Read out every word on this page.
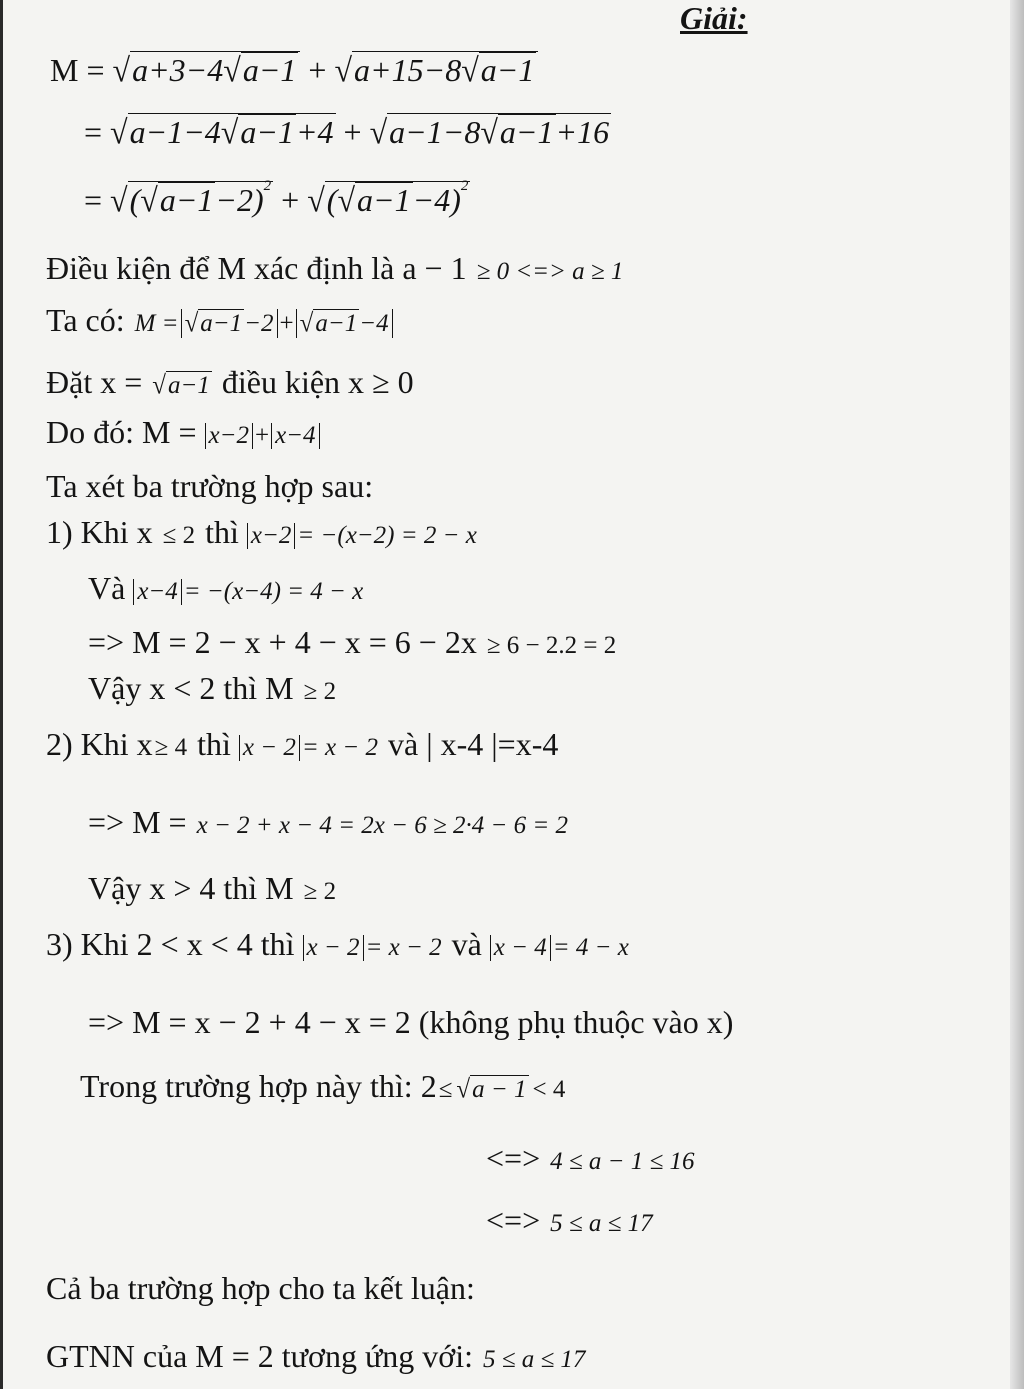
Giải:
M = √a+3−4√a−1 + √a+15−8√a−1
= √a−1−4√a−1+4 + √a−1−8√a−1+16
= $√(√a-1-2)^2 + √(√a-1-4)^2$
Điều kiện để M xác định là a − 1 ≥ 0 <=> a ≥ 1
Ta có: M = √a−1−2 + √a−1−4
Đặt x = √a−1 điều kiện x ≥ 0
Do đó: M = x−2 + x−4
Ta xét ba trường hợp sau:
1) Khi x ≤ 2 thì x−2 = −(x−2) = 2 − x
Và x−4 = −(x−4) = 4 − x
=> M = 2 − x + 4 − x = 6 − 2x ≥ 6 − 2.2 = 2
Vậy x < 2 thì M ≥ 2
2) Khi x≥ 4 thì x − 2 = x − 2 và | x-4 |=x-4
=> M = x − 2 + x − 4 = 2x − 6 ≥ 2·4 − 6 = 2
Vậy x > 4 thì M ≥ 2
3) Khi 2 < x < 4 thì x − 2 = x − 2 và x − 4 = 4 − x
=> M = x − 2 + 4 − x = 2 (không phụ thuộc vào x)
Trong trường hợp này thì: 2≤ √a − 1 < 4
<=> 4 ≤ a − 1 ≤ 16
<=> 5 ≤ a ≤ 17
Cả ba trường hợp cho ta kết luận:
GTNN của M = 2 tương ứng với: 5 ≤ a ≤ 17
